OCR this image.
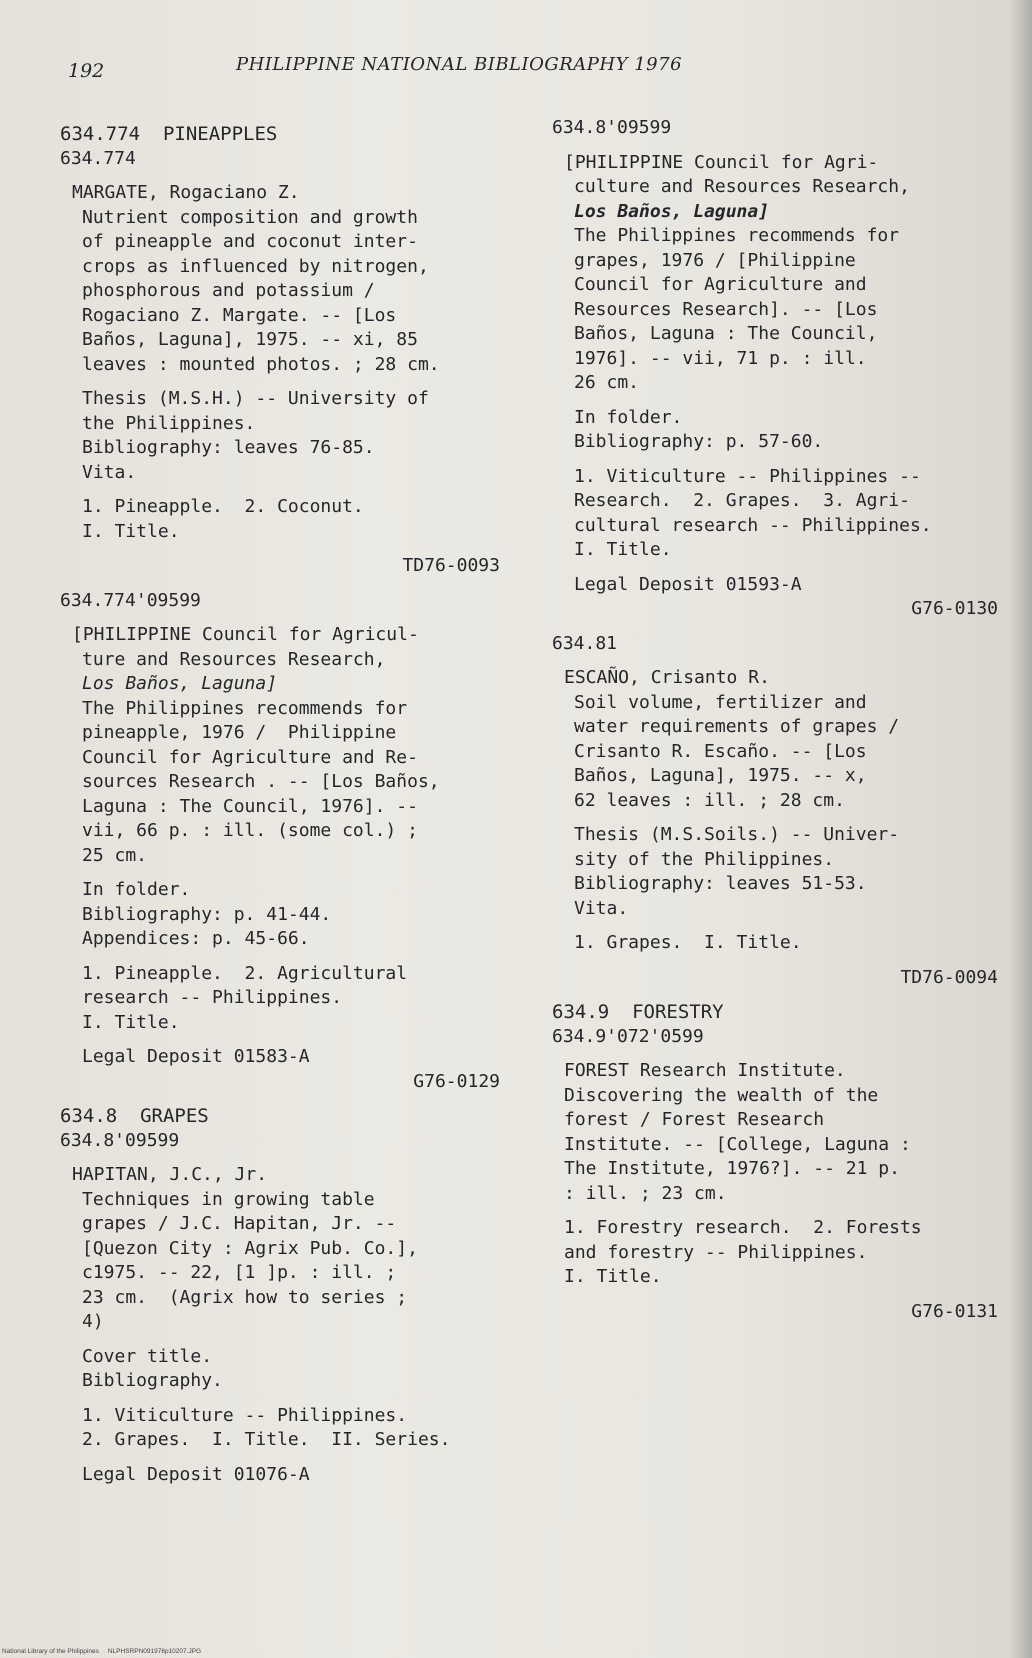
192	PHILIPPINE NATIONAL BIBLIOGRAPHY 1976
634.774  PINEAPPLES
634.774
MARGATE, Rogaciano Z.
Nutrient composition and growth
of pineapple and coconut inter-
crops as influenced by nitrogen,
phosphorous and potassium /
Rogaciano Z. Margate. -- [Los
Baños, Laguna], 1975. -- xi, 85
leaves : mounted photos. ; 28 cm.
Thesis (M.S.H.) -- University of
the Philippines.
Bibliography: leaves 76-85.
Vita.
1. Pineapple.  2. Coconut.
I. Title.
TD76-0093
634.774'09599
[PHILIPPINE Council for Agricul-
ture and Resources Research,
Los Baños, Laguna]
The Philippines recommends for
pineapple, 1976 /  Philippine
Council for Agriculture and Re-
sources Research . -- [Los Baños,
Laguna : The Council, 1976]. --
vii, 66 p. : ill. (some col.) ;
25 cm.
In folder.
Bibliography: p. 41-44.
Appendices: p. 45-66.
1. Pineapple.  2. Agricultural
research -- Philippines.
I. Title.
Legal Deposit 01583-A
G76-0129
634.8  GRAPES
634.8'09599
HAPITAN, J.C., Jr.
Techniques in growing table
grapes / J.C. Hapitan, Jr. --
[Quezon City : Agrix Pub. Co.],
c1975. -- 22, [1 ]p. : ill. ;
23 cm.  (Agrix how to series ;
4)
Cover title.
Bibliography.
1. Viticulture -- Philippines.
2. Grapes.  I. Title.  II. Series.
Legal Deposit 01076-A
634.8'09599
[PHILIPPINE Council for Agri-
culture and Resources Research,
Los Baños, Laguna]
The Philippines recommends for
grapes, 1976 / [Philippine
Council for Agriculture and
Resources Research]. -- [Los
Baños, Laguna : The Council,
1976]. -- vii, 71 p. : ill.
26 cm.
In folder.
Bibliography: p. 57-60.
1. Viticulture -- Philippines --
Research.  2. Grapes.  3. Agri-
cultural research -- Philippines.
I. Title.
Legal Deposit 01593-A
G76-0130
634.81
ESCAÑO, Crisanto R.
Soil volume, fertilizer and
water requirements of grapes /
Crisanto R. Escaño. -- [Los
Baños, Laguna], 1975. -- x,
62 leaves : ill. ; 28 cm.
Thesis (M.S.Soils.) -- Univer-
sity of the Philippines.
Bibliography: leaves 51-53.
Vita.
1. Grapes.  I. Title.
TD76-0094
634.9  FORESTRY
634.9'072'0599
FOREST Research Institute.
Discovering the wealth of the
forest / Forest Research
Institute. -- [College, Laguna :
The Institute, 1976?]. -- 21 p.
: ill. ; 23 cm.
1. Forestry research.  2. Forests
and forestry -- Philippines.
I. Title.
G76-0131
National Library of the Philippines     NLPHSRPN091976p10207.JPG
